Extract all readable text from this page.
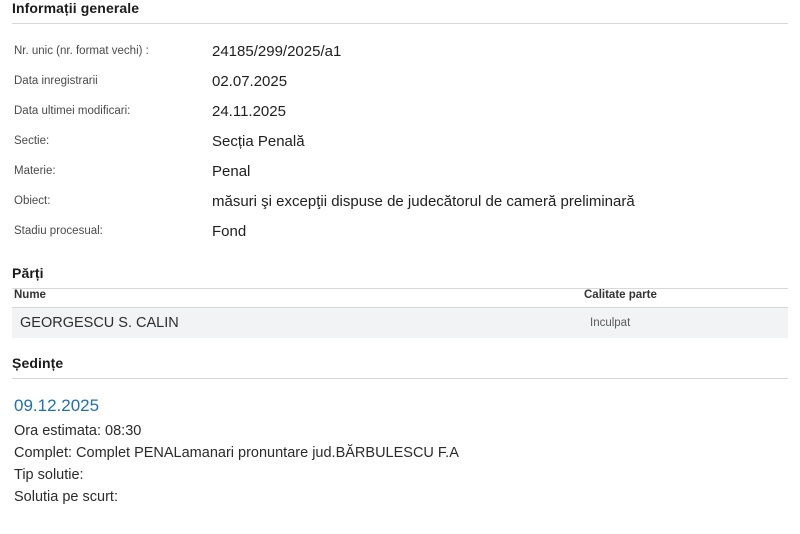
Informații generale
Nr. unic (nr. format vechi) :	24185/299/2025/a1
Data inregistrarii	02.07.2025
Data ultimei modificari:	24.11.2025
Sectie:	Secția Penală
Materie:	Penal
Obiect:	măsuri şi excepţii dispuse de judecătorul de cameră preliminară
Stadiu procesual:	Fond
Părți
Nume	Calitate parte
GEORGESCU S. CALIN	Inculpat
Ședințe
09.12.2025
Ora estimata: 08:30
Complet: Complet PENALamanari pronuntare jud.BĂRBULESCU F.A
Tip solutie:
Solutia pe scurt:
